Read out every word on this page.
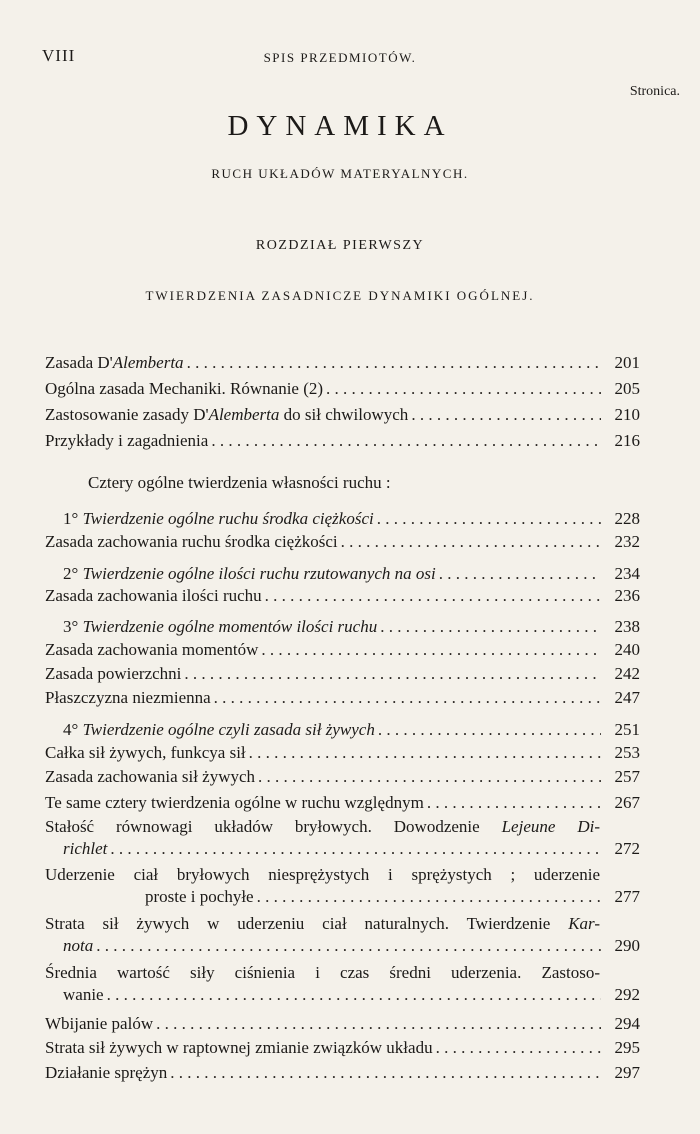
VIII	SPIS PRZEDMIOTÓW.
Stronica.
DYNAMIKA
RUCH UKŁADÓW MATERYALNYCH.
ROZDZIAŁ PIERWSZY
TWIERDZENIA ZASADNICZE DYNAMIKI OGÓLNEJ.
Zasada D'Alemberta . . .	201
Ogólna zasada Mechaniki. Równanie (2) . . .	205
Zastosowanie zasady D'Alemberta do sił chwilowych . . .	210
Przykłady i zagadnienia . . .	216
Cztery ogólne twierdzenia własności ruchu :
1° Twierdzenie ogólne ruchu środka ciężkości . . .	228
Zasada zachowania ruchu środka ciężkości . . .	232
2° Twierdzenie ogólne ilości ruchu rzutowanych na osi . . .	234
Zasada zachowania ilości ruchu . . .	236
3° Twierdzenie ogólne momentów ilości ruchu . . .	238
Zasada zachowania momentów . . .	240
Zasada powierzchni . . .	242
Płaszczyzna niezmienna . . .	247
4° Twierdzenie ogólne czyli zasada sił żywych . . .	251
Całka sił żywych, funkcya sił . . .	253
Zasada zachowania sił żywych . . .	257
Te same cztery twierdzenia ogólne w ruchu względnym . . .	267
Stałość równowagi układów bryłowych. Dowodzenie Lejeune Di-
richlet . . .	272
Uderzenie ciał bryłowych niesprężystych i sprężystych ; uderzenie
proste i pochyłe . . .	277
Strata sił żywych w uderzeniu ciał naturalnych. Twierdzenie Kar-
nota . . .	290
Średnia wartość siły ciśnienia i czas średni uderzenia. Zastoso-
wanie . . .	292
Wbijanie palów . . .	294
Strata sił żywych w raptownej zmianie związków układu . . .	295
Działanie sprężyn . . .	297
